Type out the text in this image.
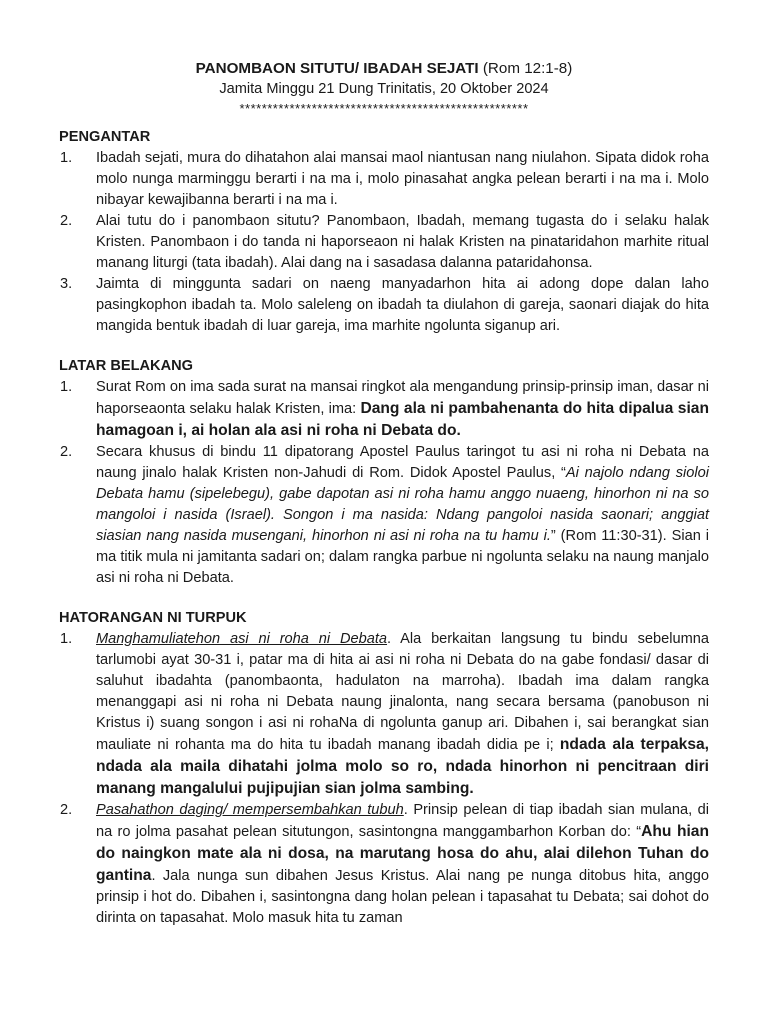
PANOMBAON SITUTU/ IBADAH SEJATI (Rom 12:1-8)
Jamita Minggu 21 Dung Trinitatis, 20 Oktober 2024
****************************************************
PENGANTAR
1. Ibadah sejati, mura do dihatahon alai mansai maol niantusan nang niulahon. Sipata didok roha molo nunga marminggu berarti i na ma i, molo pinasahat angka pelean berarti i na ma i. Molo nibayar kewajibanna berarti i na ma i.
2. Alai tutu do i panombaon situtu? Panombaon, Ibadah, memang tugasta do i selaku halak Kristen. Panombaon i do tanda ni haporseaon ni halak Kristen na pinataridahon marhite ritual manang liturgi (tata ibadah). Alai dang na i sasadasa dalanna pataridahonsa.
3. Jaimta di minggunta sadari on naeng manyadarhon hita ai adong dope dalan laho pasingkophon ibadah ta. Molo saleleng on ibadah ta diulahon di gareja, saonari diajak do hita mangida bentuk ibadah di luar gareja, ima marhite ngolunta siganup ari.
LATAR BELAKANG
1. Surat Rom on ima sada surat na mansai ringkot ala mengandung prinsip-prinsip iman, dasar ni haporseaonta selaku halak Kristen, ima: Dang ala ni pambahenanta do hita dipalua sian hamagoan i, ai holan ala asi ni roha ni Debata do.
2. Secara khusus di bindu 11 dipatorang Apostel Paulus taringot tu asi ni roha ni Debata na naung jinalo halak Kristen non-Jahudi di Rom. Didok Apostel Paulus, “Ai najolo ndang sioloi Debata hamu (sipelebegu), gabe dapotan asi ni roha hamu anggo nuaeng, hinorhon ni na so mangoloi i nasida (Israel). Songon i ma nasida: Ndang pangoloi nasida saonari; anggiat siasian nang nasida musengani, hinorhon ni asi ni roha na tu hamu i.” (Rom 11:30-31). Sian i ma titik mula ni jamitanta sadari on; dalam rangka parbue ni ngolunta selaku na naung manjalo asi ni roha ni Debata.
HATORANGAN NI TURPUK
1. Manghamuliatehon asi ni roha ni Debata. Ala berkaitan langsung tu bindu sebelumna tarlumobi ayat 30-31 i, patar ma di hita ai asi ni roha ni Debata do na gabe fondasi/ dasar di saluhut ibadahta (panombaonta, hadulaton na marroha). Ibadah ima dalam rangka menanggapi asi ni roha ni Debata naung jinalonta, nang secara bersama (panobuson ni Kristus i) suang songon i asi ni rohaNa di ngolunta ganup ari. Dibahen i, sai berangkat sian mauliate ni rohanta ma do hita tu ibadah manang ibadah didia pe i; ndada ala terpaksa, ndada ala maila dihatahi jolma molo so ro, ndada hinorhon ni pencitraan diri manang mangalului pujipujian sian jolma sambing.
2. Pasahathon daging/ mempersembahkan tubuh. Prinsip pelean di tiap ibadah sian mulana, di na ro jolma pasahat pelean situtungon, sasintongna manggambarhon Korban do: “Ahu hian do naingkon mate ala ni dosa, na marutang hosa do ahu, alai dilehon Tuhan do gantina. Jala nunga sun dibahen Jesus Kristus. Alai nang pe nunga ditobus hita, anggo prinsip i hot do. Dibahen i, sasintongna dang holan pelean i tapasahat tu Debata; sai dohot do dirinta on tapasahat. Molo masuk hita tu zaman
